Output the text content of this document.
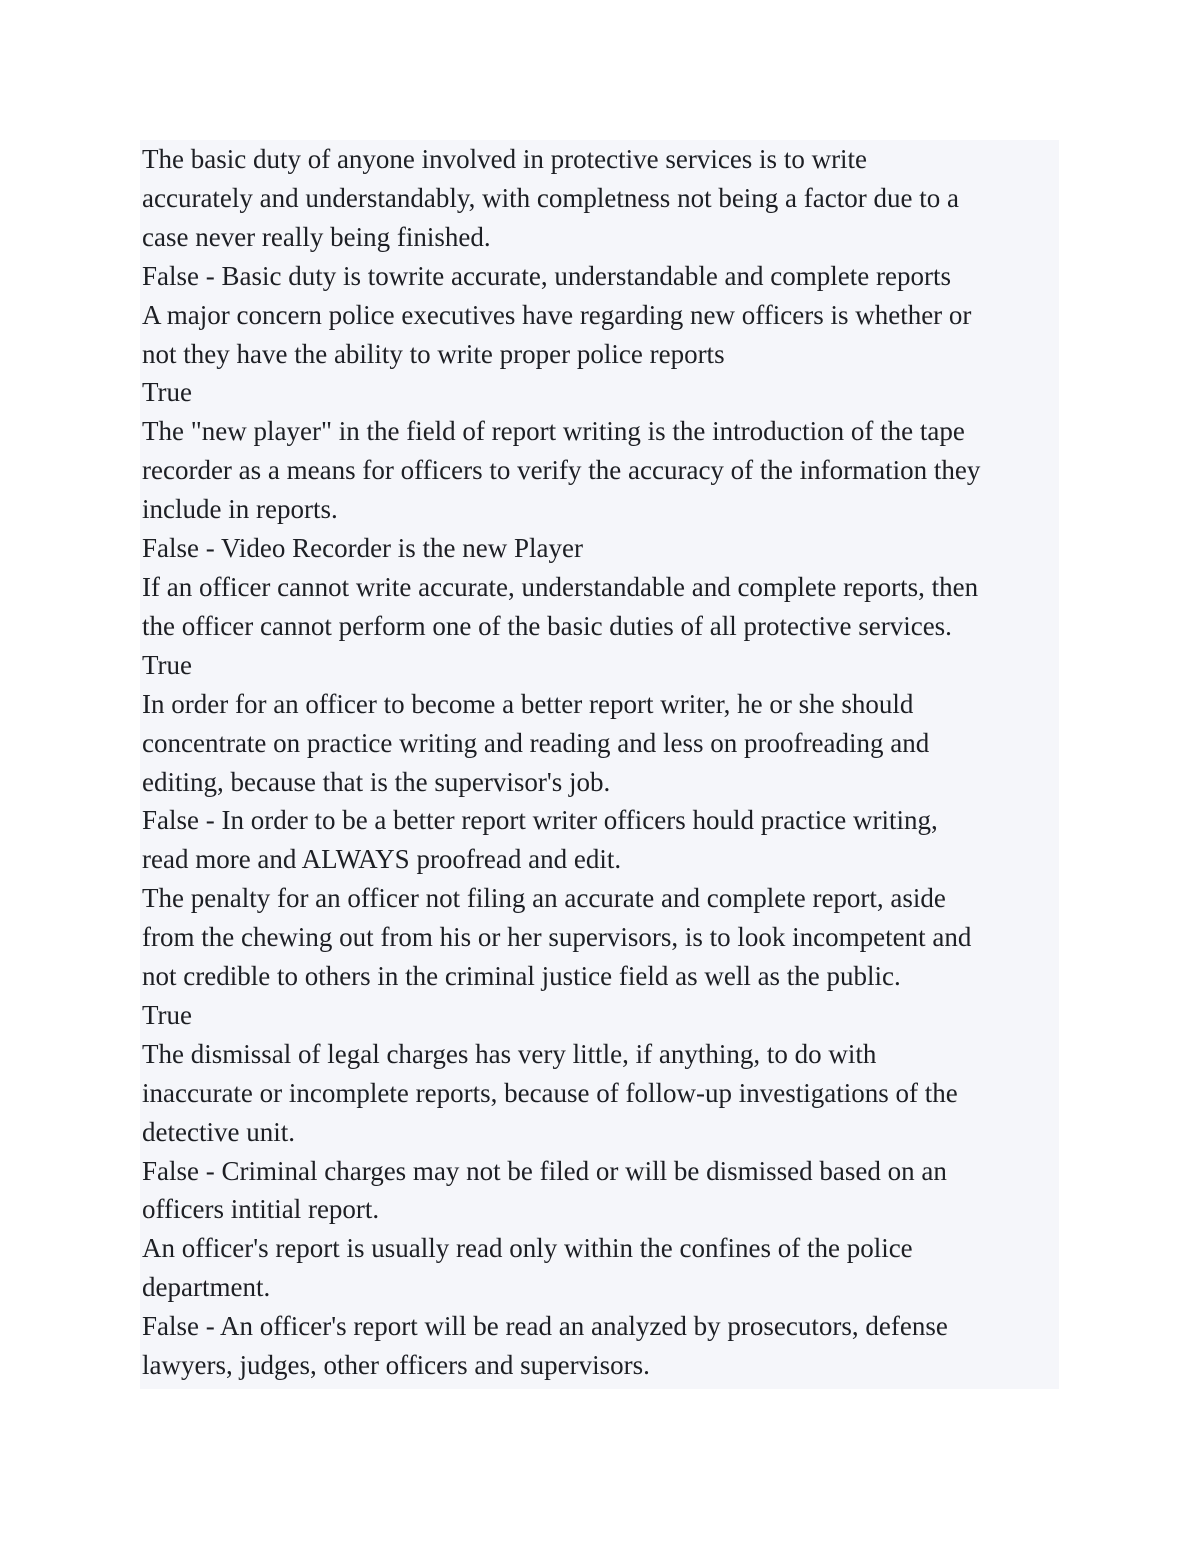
The basic duty of anyone involved in protective services is to write
accurately and understandably, with completness not being a factor due to a
case never really being finished.
False - Basic duty is towrite accurate, understandable and complete reports
A major concern police executives have regarding new officers is whether or
not they have the ability to write proper police reports
True
The "new player" in the field of report writing is the introduction of the tape
recorder as a means for officers to verify the accuracy of the information they
include in reports.
False - Video Recorder is the new Player
If an officer cannot write accurate, understandable and complete reports, then
the officer cannot perform one of the basic duties of all protective services.
True
In order for an officer to become a better report writer, he or she should
concentrate on practice writing and reading and less on proofreading and
editing, because that is the supervisor's job.
False - In order to be a better report writer officers hould practice writing,
read more and ALWAYS proofread and edit.
The penalty for an officer not filing an accurate and complete report, aside
from the chewing out from his or her supervisors, is to look incompetent and
not credible to others in the criminal justice field as well as the public.
True
The dismissal of legal charges has very little, if anything, to do with
inaccurate or incomplete reports, because of follow-up investigations of the
detective unit.
False - Criminal charges may not be filed or will be dismissed based on an
officers intitial report.
An officer's report is usually read only within the confines of the police
department.
False - An officer's report will be read an analyzed by prosecutors, defense
lawyers, judges, other officers and supervisors.
